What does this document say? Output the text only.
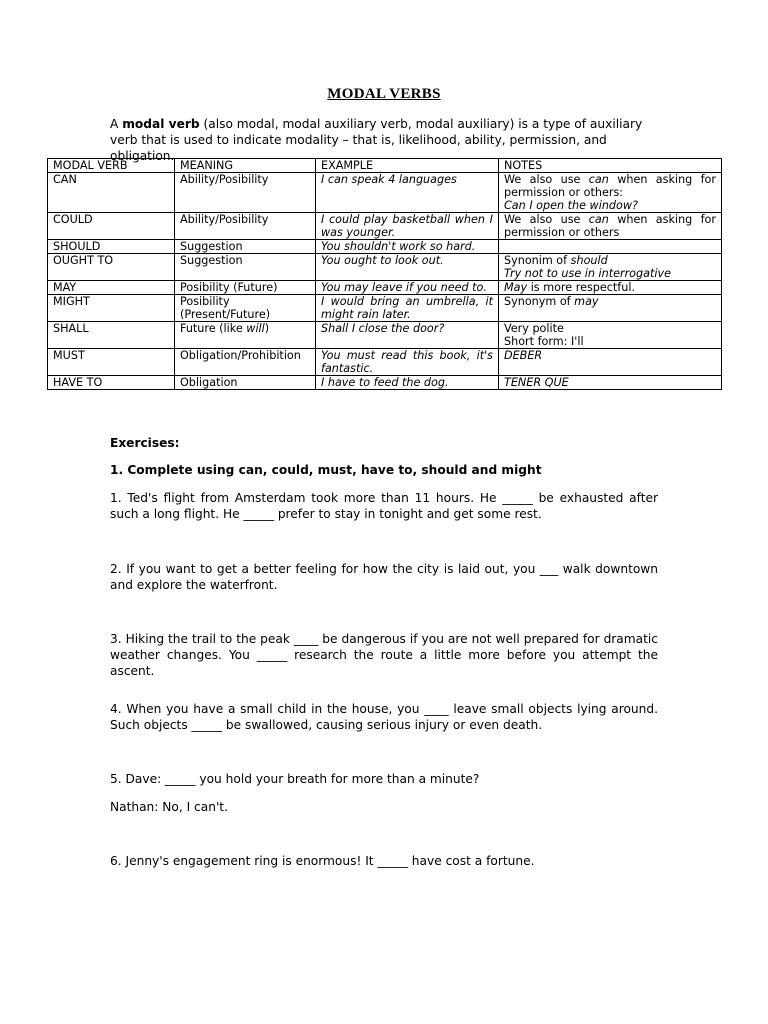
MODAL VERBS

A modal verb (also modal, modal auxiliary verb, modal auxiliary) is a type of auxiliary verb that is used to indicate modality – that is, likelihood, ability, permission, and obligation.

MODAL VERB	MEANING	EXAMPLE	NOTES
CAN	Ability/Posibility	I can speak 4 languages	We also use can when asking for permission or others:
Can I open the window?
COULD	Ability/Posibility	I could play basketball when I was younger.	We also use can when asking for permission or others
SHOULD	Suggestion	You shouldn't work so hard.	
OUGHT TO	Suggestion	You ought to look out.	Synonim of should
Try not to use in interrogative
MAY	Posibility (Future)	You may leave if you need to.	May is more respectful.
MIGHT	Posibility (Present/Future)	I would bring an umbrella, it might rain later.	Synonym of may
SHALL	Future (like will)	Shall I close the door?	Very polite
Short form: I'll
MUST	Obligation/Prohibition	You must read this book, it's fantastic.	DEBER
HAVE TO	Obligation	I have to feed the dog.	TENER QUE
Exercises:
1. Complete using can, could, must, have to, should and might
1. Ted's flight from Amsterdam took more than 11 hours. He _____ be exhausted after such a long flight. He _____ prefer to stay in tonight and get some rest.
2. If you want to get a better feeling for how the city is laid out, you ___ walk downtown and explore the waterfront.
3. Hiking the trail to the peak ____ be dangerous if you are not well prepared for dramatic weather changes. You _____ research the route a little more before you attempt the ascent.
4. When you have a small child in the house, you ____ leave small objects lying around. Such objects _____ be swallowed, causing serious injury or even death.
5. Dave: _____ you hold your breath for more than a minute?
Nathan: No, I can't.
6. Jenny's engagement ring is enormous! It _____ have cost a fortune.
